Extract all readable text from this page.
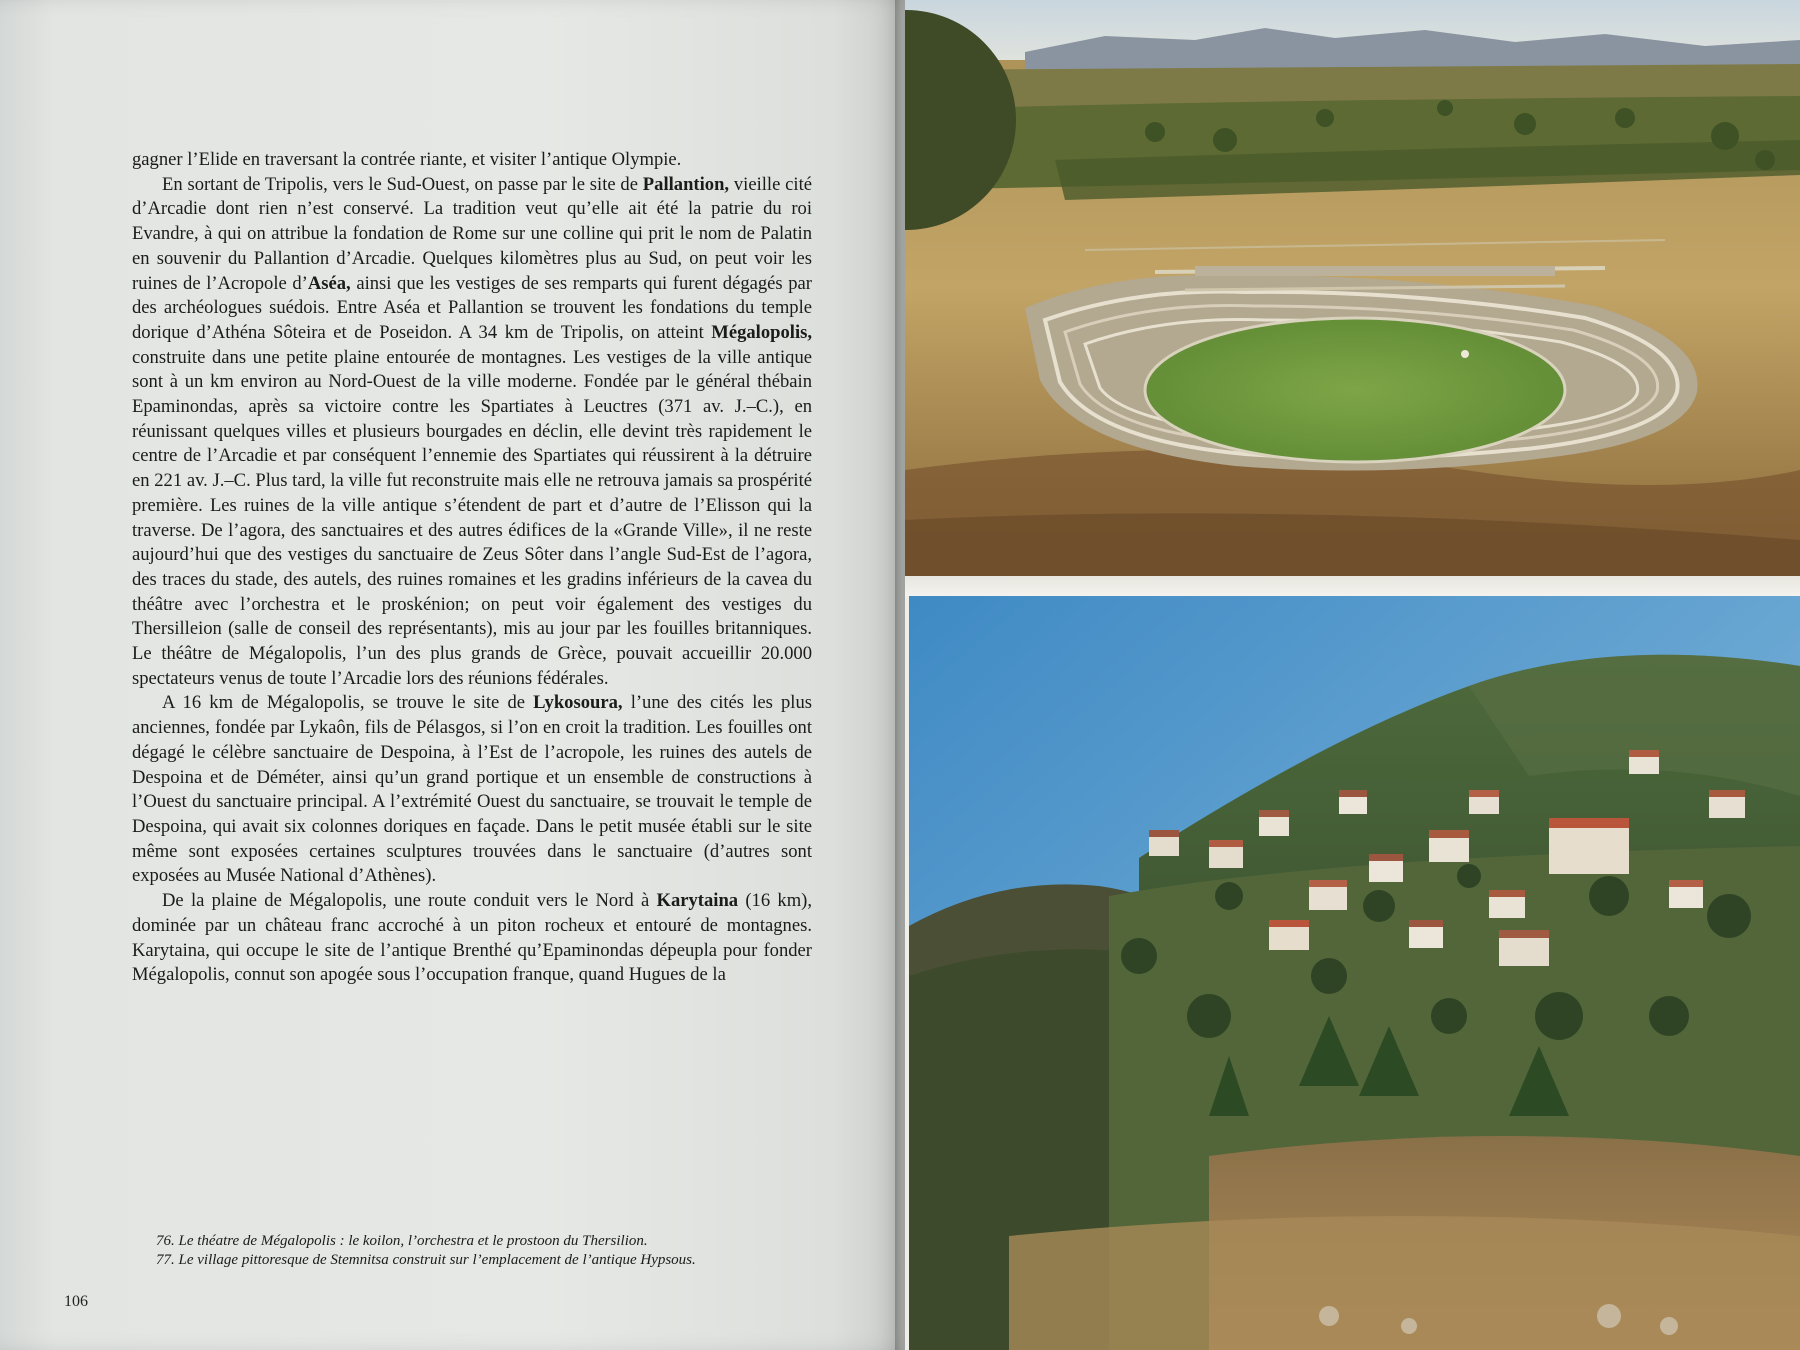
gagner l’Elide en traversant la contrée riante, et visiter l’antique Olympie.

En sortant de Tripolis, vers le Sud-Ouest, on passe par le site de Pallantion, vieille cité d’Arcadie dont rien n’est conservé. La tradition veut qu’elle ait été la patrie du roi Evandre, à qui on attribue la fondation de Rome sur une colline qui prit le nom de Palatin en souvenir du Pallantion d’Arcadie. Quelques kilomètres plus au Sud, on peut voir les ruines de l’Acropole d’Aséa, ainsi que les vestiges de ses remparts qui furent dégagés par des archéologues suédois. Entre Aséa et Pallantion se trouvent les fondations du temple dorique d’Athéna Sôteira et de Poseidon. A 34 km de Tripolis, on atteint Mégalopolis, construite dans une petite plaine entourée de montagnes. Les vestiges de la ville antique sont à un km environ au Nord-Ouest de la ville moderne. Fondée par le général thébain Epaminondas, après sa victoire contre les Spartiates à Leuctres (371 av. J.–C.), en réunissant quelques villes et plusieurs bourgades en déclin, elle devint très rapidement le centre de l’Arcadie et par conséquent l’ennemie des Spartiates qui réussirent à la détruire en 221 av. J.–C. Plus tard, la ville fut reconstruite mais elle ne retrouva jamais sa prospérité première. Les ruines de la ville antique s’étendent de part et d’autre de l’Elisson qui la traverse. De l’agora, des sanctuaires et des autres édifices de la «Grande Ville», il ne reste aujourd’hui que des vestiges du sanctuaire de Zeus Sôter dans l’angle Sud-Est de l’agora, des traces du stade, des autels, des ruines romaines et les gradins inférieurs de la cavea du théâtre avec l’orchestra et le proskénion; on peut voir également des vestiges du Thersilleion (salle de conseil des représentants), mis au jour par les fouilles britanniques. Le théâtre de Mégalopolis, l’un des plus grands de Grèce, pouvait accueillir 20.000 spectateurs venus de toute l’Arcadie lors des réunions fédérales.

A 16 km de Mégalopolis, se trouve le site de Lykosoura, l’une des cités les plus anciennes, fondée par Lykaôn, fils de Pélasgos, si l’on en croit la tradition. Les fouilles ont dégagé le célèbre sanctuaire de Despoina, à l’Est de l’acropole, les ruines des autels de Despoina et de Déméter, ainsi qu’un grand portique et un ensemble de constructions à l’Ouest du sanctuaire principal. A l’extrémité Ouest du sanctuaire, se trouvait le temple de Despoina, qui avait six colonnes doriques en façade. Dans le petit musée établi sur le site même sont exposées certaines sculptures trouvées dans le sanctuaire (d’autres sont exposées au Musée National d’Athènes).

De la plaine de Mégalopolis, une route conduit vers le Nord à Karytaina (16 km), dominée par un château franc accroché à un piton rocheux et entouré de montagnes. Karytaina, qui occupe le site de l’antique Brenthé qu’Epaminondas dépeupla pour fonder Mégalopolis, connut son apogée sous l’occupation franque, quand Hugues de la

76. Le théatre de Mégalopolis : le koilon, l’orchestra et le prostoon du Thersilion.
77. Le village pittoresque de Stemnitsa construit sur l’emplacement de l’antique Hypsous.
106
